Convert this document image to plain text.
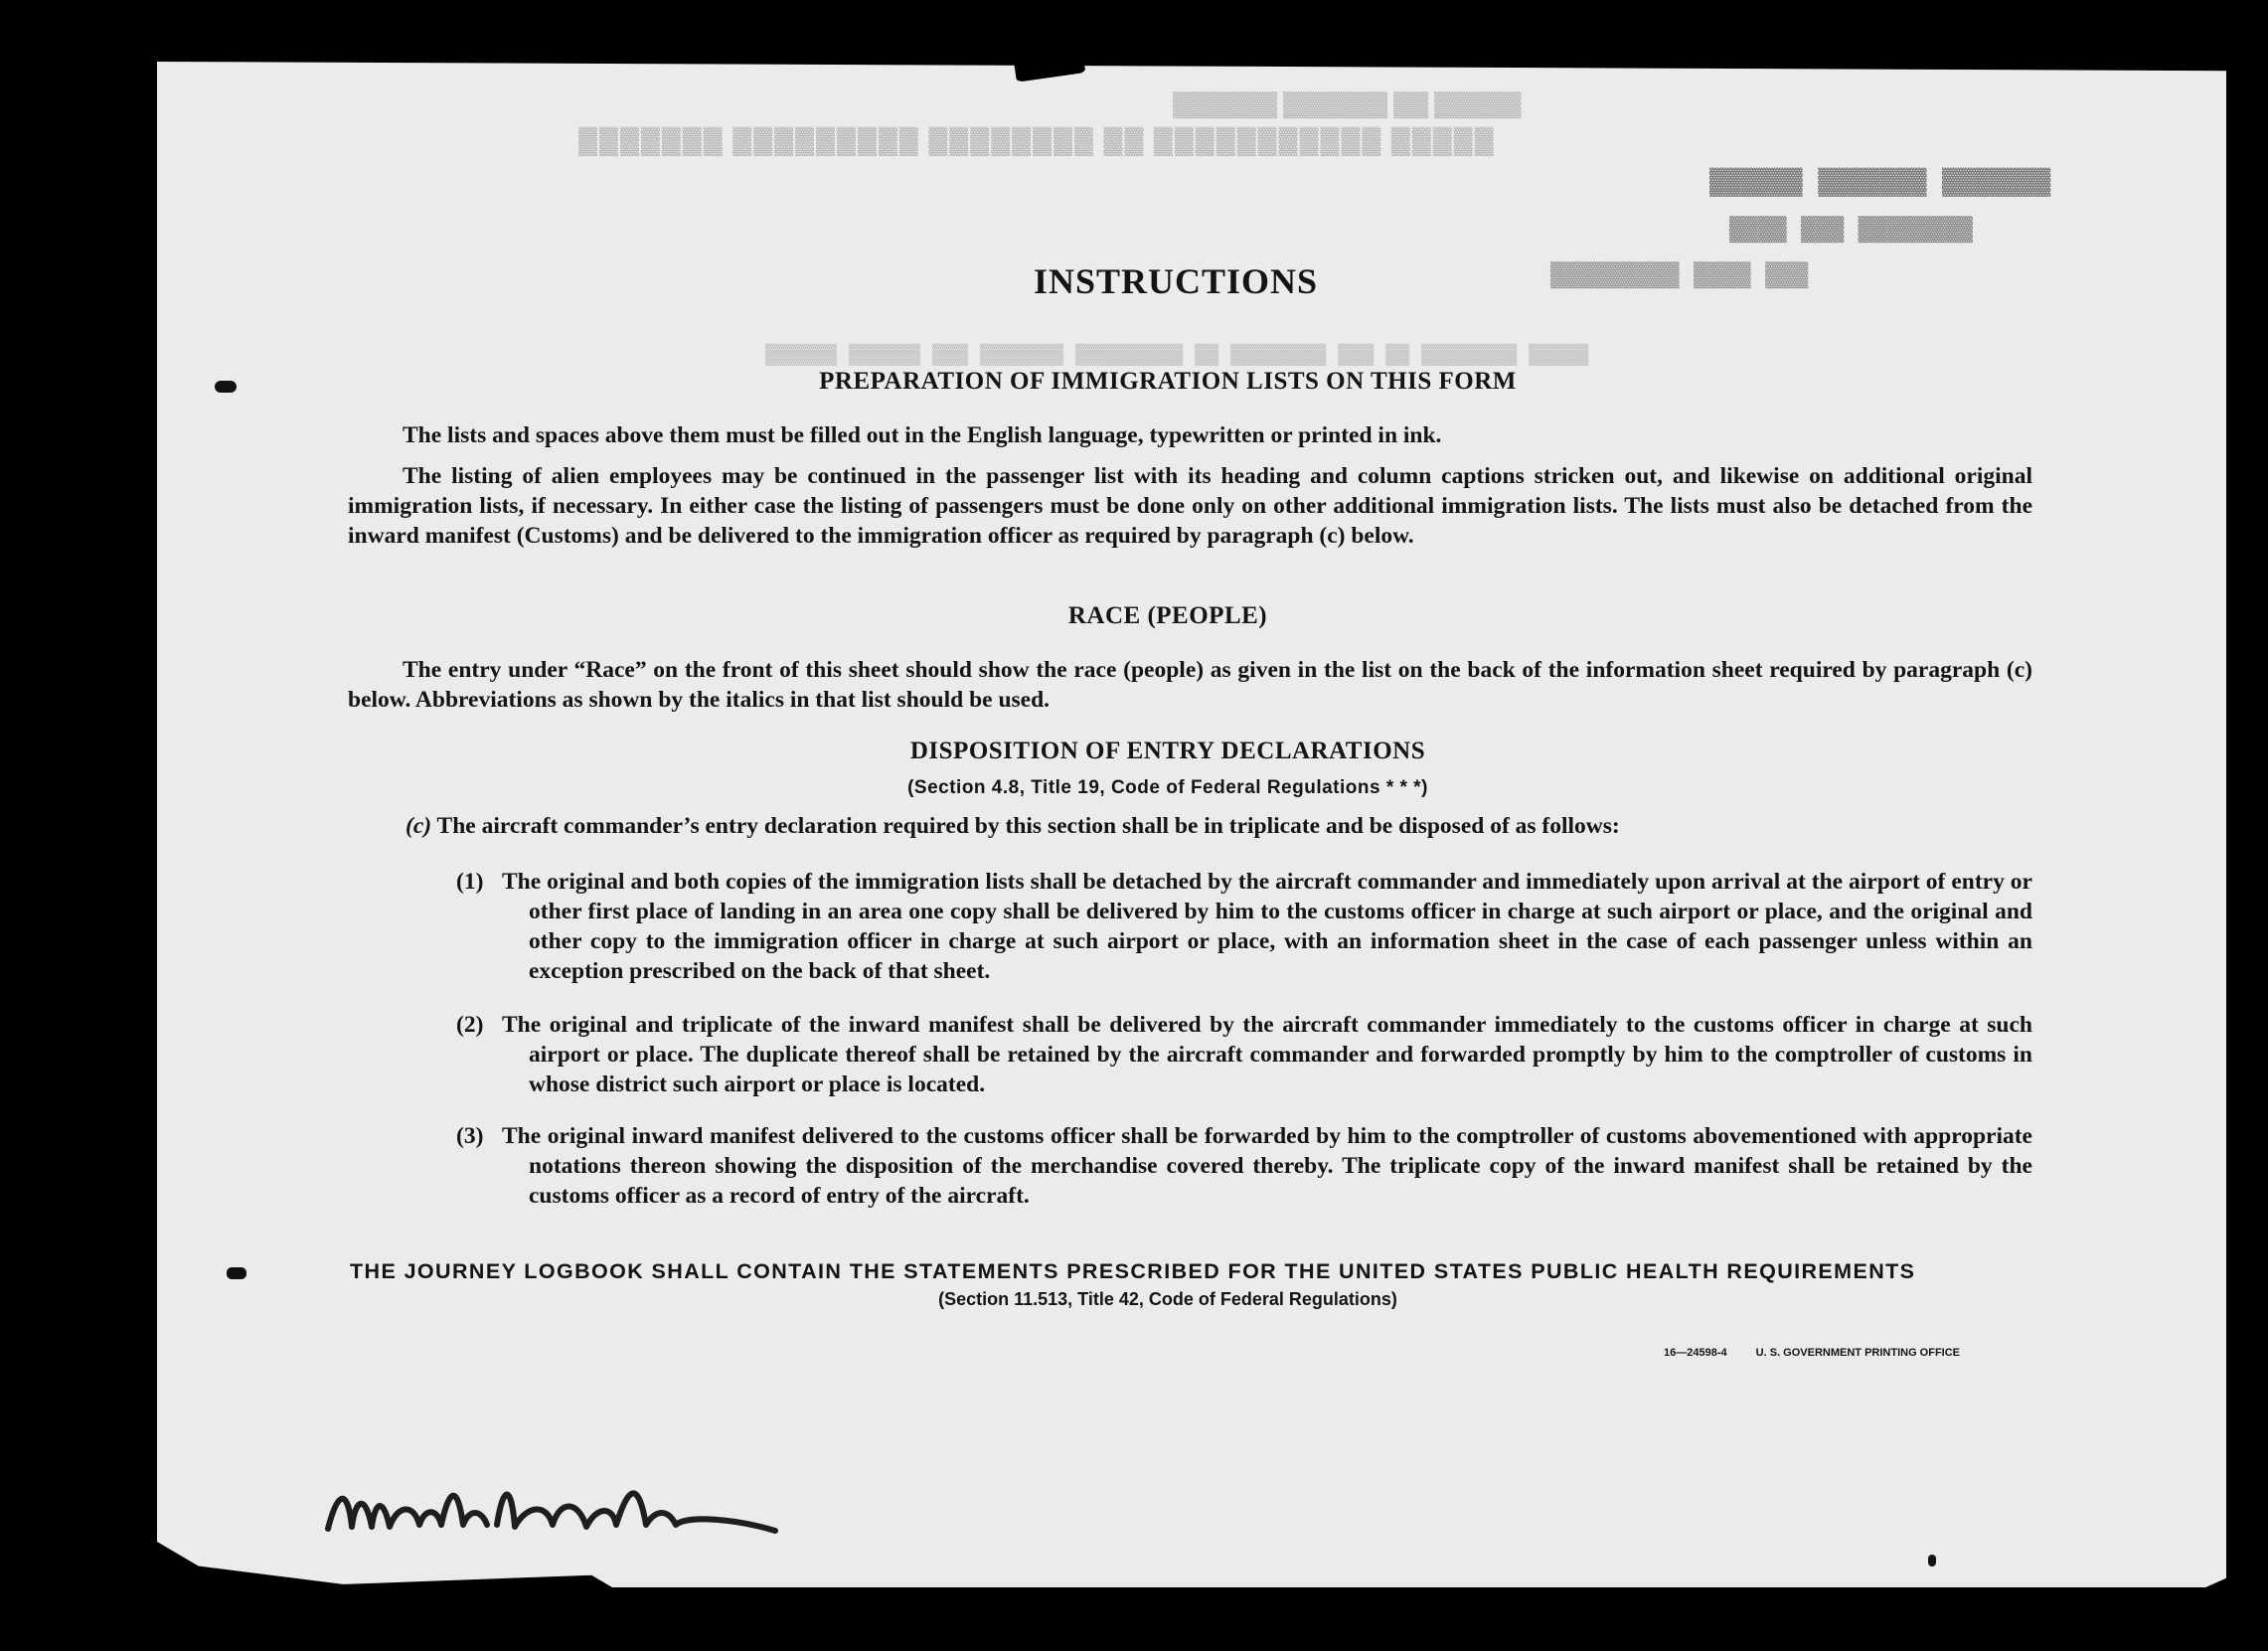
▓▓▓▓▓ ▓▓ ▓▓▓▓▓▓ ▓▓▓▓▓▓
▓▓▓▓▓ ▓▓▓▓▓▓▓▓▓▓▓ ▓▓ ▓▓▓▓▓▓▓▓ ▓▓▓▓▓▓▓▓▓ ▓▓▓▓▓▓▓
▓▓▓▓▓▓▓ ▓▓▓▓▓▓▓ ▓▓▓▓▓▓
▓▓▓▓▓▓▓▓ ▓▓▓ ▓▓▓▓
▓▓▓ ▓▓▓▓ ▓▓▓▓▓▓▓▓▓
▓▓▓▓▓ ▓▓▓▓▓▓▓▓ ▓▓ ▓▓▓ ▓▓▓▓▓▓▓▓ ▓▓ ▓▓▓▓▓▓▓▓▓ ▓▓▓▓▓▓▓ ▓▓▓ ▓▓▓▓▓▓ ▓▓▓▓▓▓
INSTRUCTIONS
PREPARATION OF IMMIGRATION LISTS ON THIS FORM
The lists and spaces above them must be filled out in the English language, typewritten or printed in ink.
The listing of alien employees may be continued in the passenger list with its heading and column captions stricken out, and likewise on additional original immigration lists, if necessary. In either case the listing of passengers must be done only on other additional immigration lists. The lists must also be detached from the inward manifest (Customs) and be delivered to the immigration officer as required by paragraph (c) below.
RACE (PEOPLE)
The entry under “Race” on the front of this sheet should show the race (people) as given in the list on the back of the information sheet required by paragraph (c) below. Abbreviations as shown by the italics in that list should be used.
DISPOSITION OF ENTRY DECLARATIONS
(Section 4.8, Title 19, Code of Federal Regulations * * *)
(c) The aircraft commander’s entry declaration required by this section shall be in triplicate and be disposed of as follows:
(1) The original and both copies of the immigration lists shall be detached by the aircraft commander and immediately upon arrival at the airport of entry or other first place of landing in an area one copy shall be delivered by him to the customs officer in charge at such airport or place, and the original and other copy to the immigration officer in charge at such airport or place, with an information sheet in the case of each passenger unless within an exception prescribed on the back of that sheet.
(2) The original and triplicate of the inward manifest shall be delivered by the aircraft commander immediately to the customs officer in charge at such airport or place. The duplicate thereof shall be retained by the aircraft commander and forwarded promptly by him to the comptroller of customs in whose district such airport or place is located.
(3) The original inward manifest delivered to the customs officer shall be forwarded by him to the comptroller of customs abovementioned with appropriate notations thereon showing the disposition of the merchandise covered thereby. The triplicate copy of the inward manifest shall be retained by the customs officer as a record of entry of the aircraft.
THE JOURNEY LOGBOOK SHALL CONTAIN THE STATEMENTS PRESCRIBED FOR THE UNITED STATES PUBLIC HEALTH REQUIREMENTS
(Section 11.513, Title 42, Code of Federal Regulations)
16—24598-4	U. S. GOVERNMENT PRINTING OFFICE
